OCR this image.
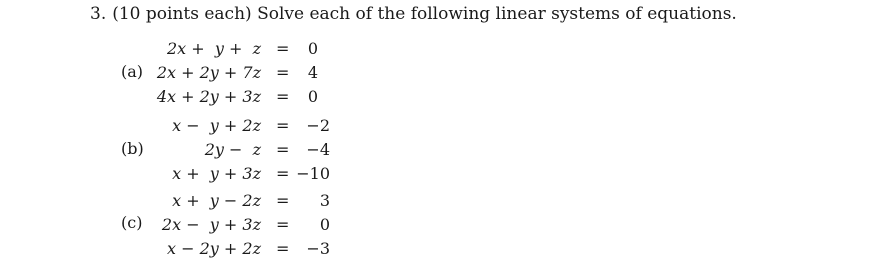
3. (10 points each) Solve each of the following linear systems of equations.
(a)
2x +  y +  z = 0
2x + 2y + 7z = 4
4x + 2y + 3z = 0
(b)
x −  y + 2z = −2
2y −  z = −4
x +  y + 3z = −10
(c)
x +  y − 2z = 3
2x −  y + 3z = 0
x − 2y + 2z = −3
